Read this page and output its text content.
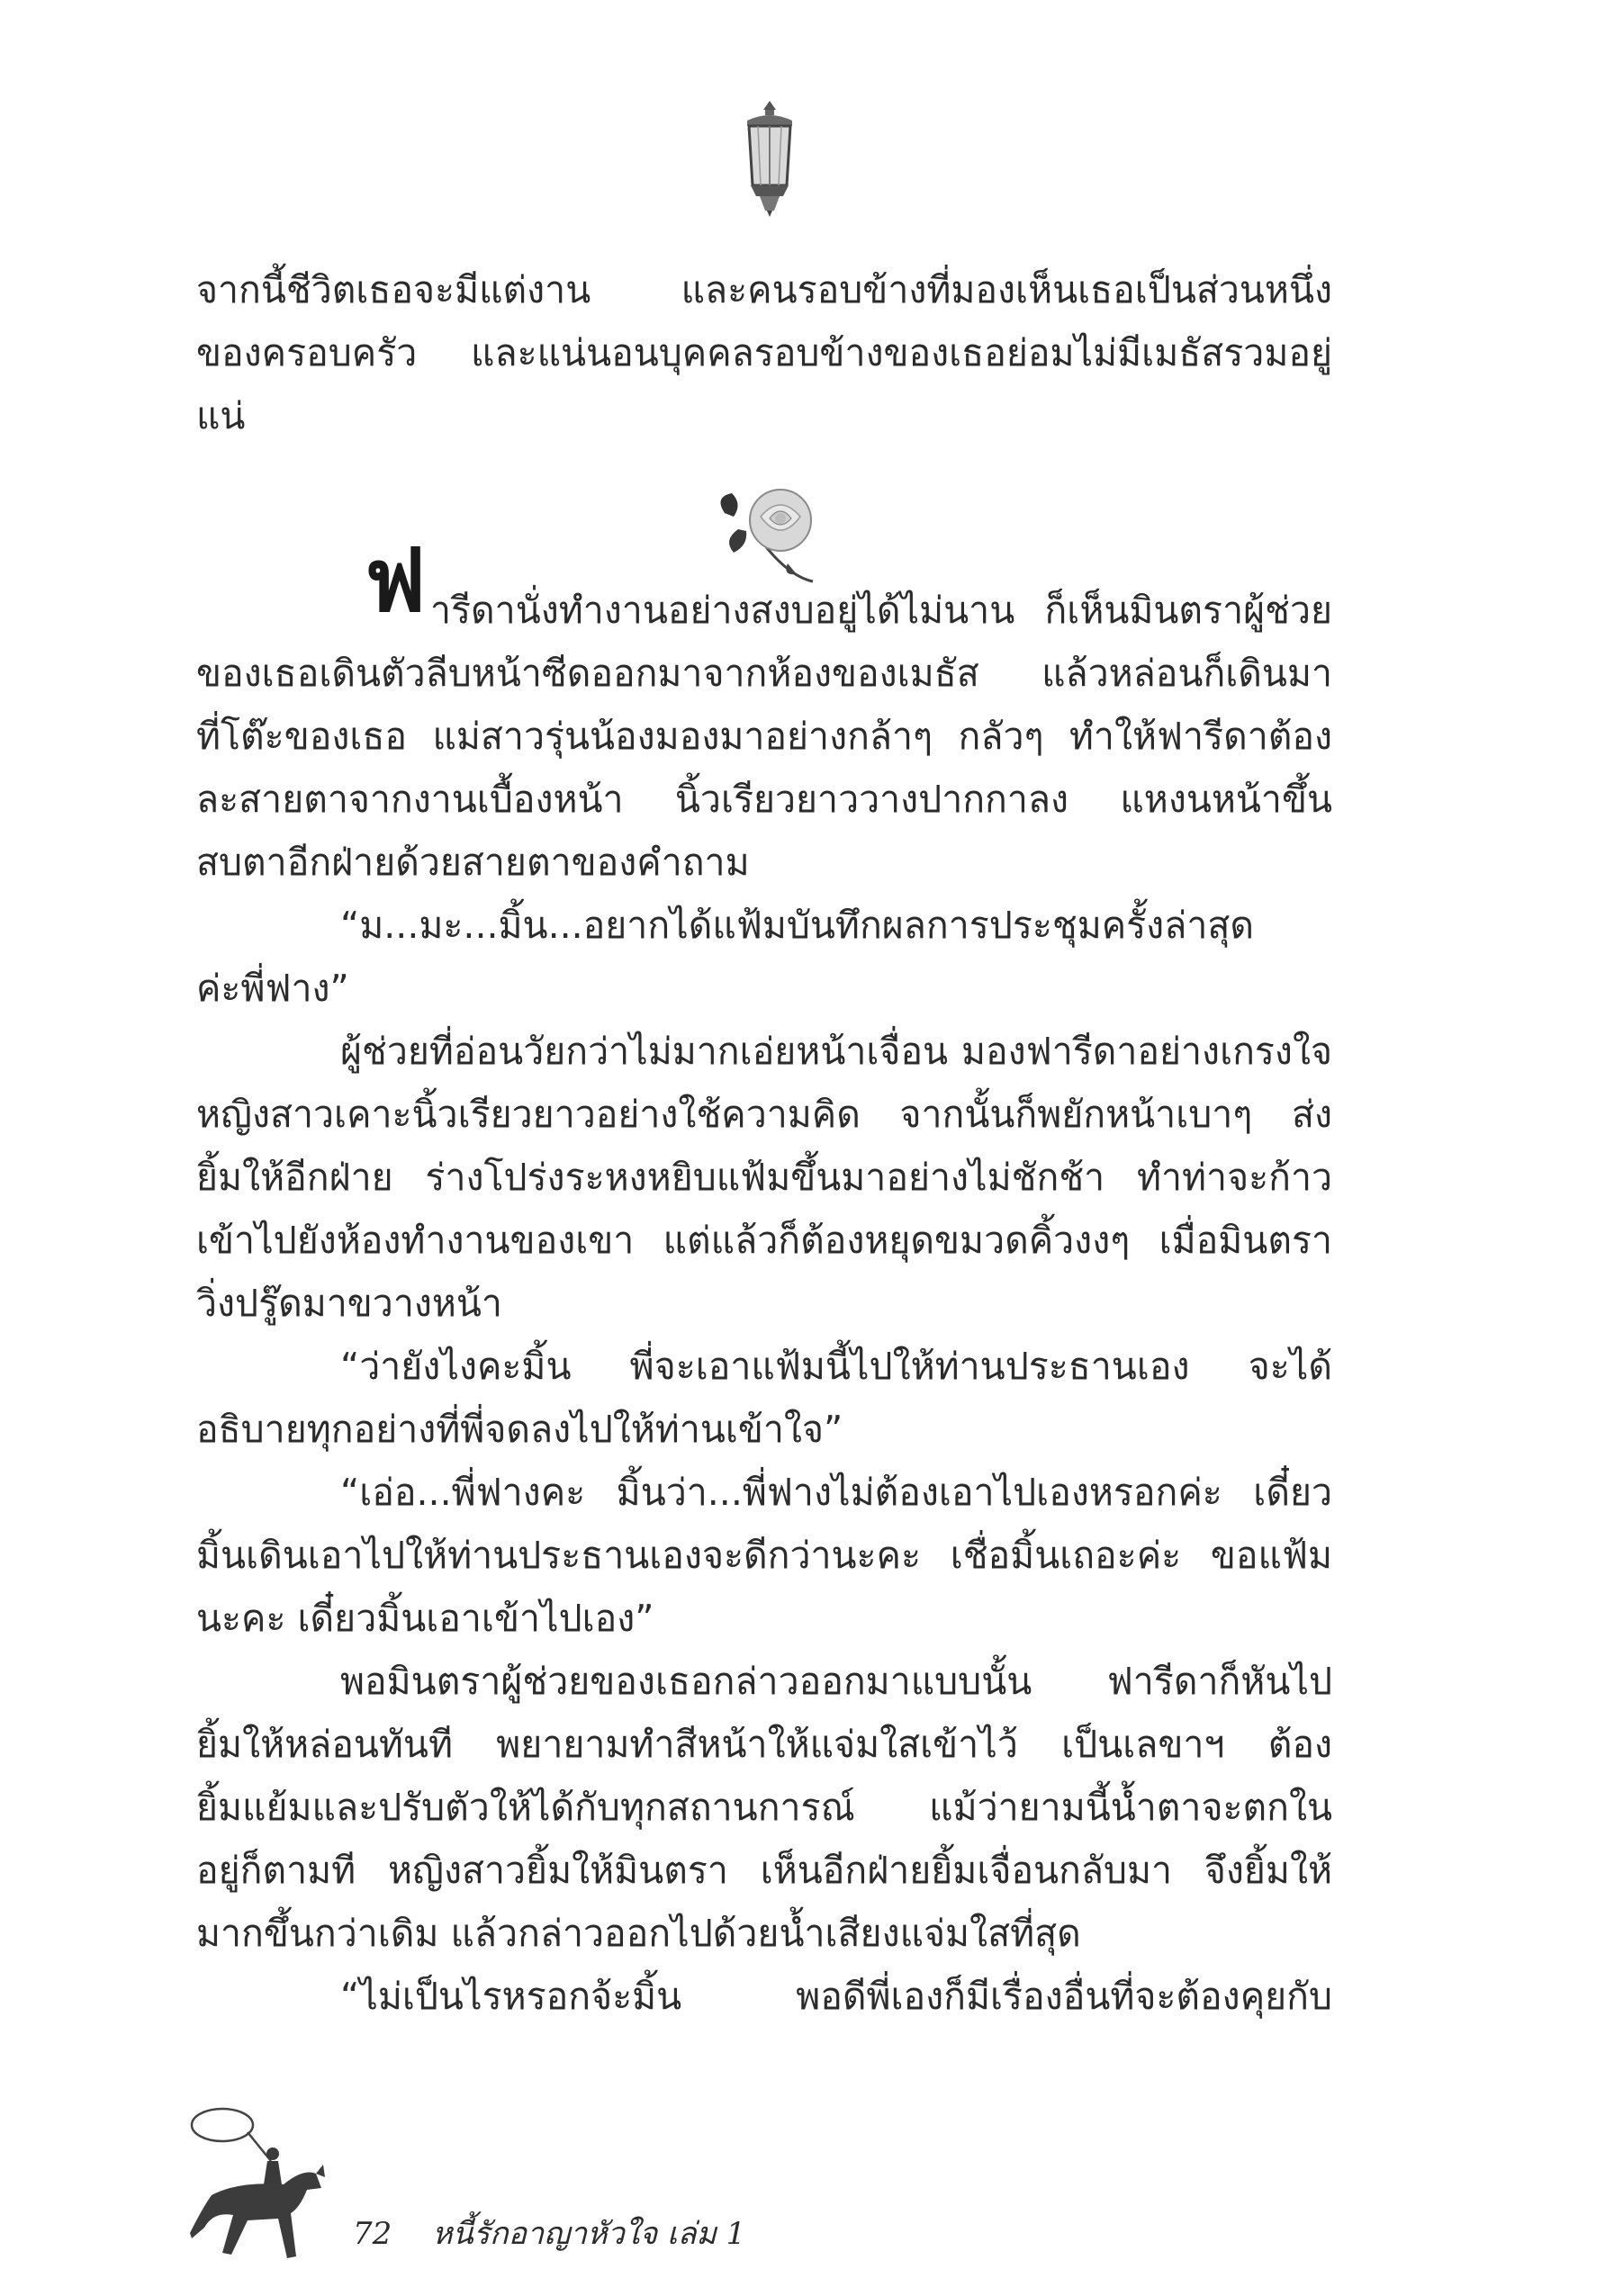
จากนี้ชีวิตเธอจะมีแต่งาน และคนรอบข้างที่มองเห็นเธอเป็นส่วนหนึ่ง
ของครอบครัว และแน่นอนบุคคลรอบข้างของเธอย่อมไม่มีเมธัสรวมอยู่
แน่
ฟ ารีดานั่งทำงานอย่างสงบอยู่ได้ไม่นาน ก็เห็นมินตราผู้ช่วย
ของเธอเดินตัวลีบหน้าซีดออกมาจากห้องของเมธัส แล้วหล่อนก็เดินมา
ที่โต๊ะของเธอ แม่สาวรุ่นน้องมองมาอย่างกล้าๆ กลัวๆ ทำให้ฟารีดาต้อง
ละสายตาจากงานเบื้องหน้า นิ้วเรียวยาววางปากกาลง แหงนหน้าขึ้น
สบตาอีกฝ่ายด้วยสายตาของคำถาม
“ม...มะ...มิ้น...อยากได้แฟ้มบันทึกผลการประชุมครั้งล่าสุด
ค่ะพี่ฟาง”
ผู้ช่วยที่อ่อนวัยกว่าไม่มากเอ่ยหน้าเจื่อน มองฟารีดาอย่างเกรงใจ
หญิงสาวเคาะนิ้วเรียวยาวอย่างใช้ความคิด จากนั้นก็พยักหน้าเบาๆ ส่ง
ยิ้มให้อีกฝ่าย ร่างโปร่งระหงหยิบแฟ้มขึ้นมาอย่างไม่ชักช้า ทำท่าจะก้าว
เข้าไปยังห้องทำงานของเขา แต่แล้วก็ต้องหยุดขมวดคิ้วงงๆ เมื่อมินตรา
วิ่งปรู๊ดมาขวางหน้า
“ว่ายังไงคะมิ้น พี่จะเอาแฟ้มนี้ไปให้ท่านประธานเอง จะได้
อธิบายทุกอย่างที่พี่จดลงไปให้ท่านเข้าใจ”
“เอ่อ...พี่ฟางคะ มิ้นว่า...พี่ฟางไม่ต้องเอาไปเองหรอกค่ะ เดี๋ยว
มิ้นเดินเอาไปให้ท่านประธานเองจะดีกว่านะคะ เชื่อมิ้นเถอะค่ะ ขอแฟ้ม
นะคะ เดี๋ยวมิ้นเอาเข้าไปเอง”
พอมินตราผู้ช่วยของเธอกล่าวออกมาแบบนั้น ฟารีดาก็หันไป
ยิ้มให้หล่อนทันที พยายามทำสีหน้าให้แจ่มใสเข้าไว้ เป็นเลขาฯ ต้อง
ยิ้มแย้มและปรับตัวให้ได้กับทุกสถานการณ์ แม้ว่ายามนี้น้ำตาจะตกใน
อยู่ก็ตามที หญิงสาวยิ้มให้มินตรา เห็นอีกฝ่ายยิ้มเจื่อนกลับมา จึงยิ้มให้
มากขึ้นกว่าเดิม แล้วกล่าวออกไปด้วยน้ำเสียงแจ่มใสที่สุด
“ไม่เป็นไรหรอกจ้ะมิ้น พอดีพี่เองก็มีเรื่องอื่นที่จะต้องคุยกับ
72 หนี้รักอาญาหัวใจ เล่ม 1
